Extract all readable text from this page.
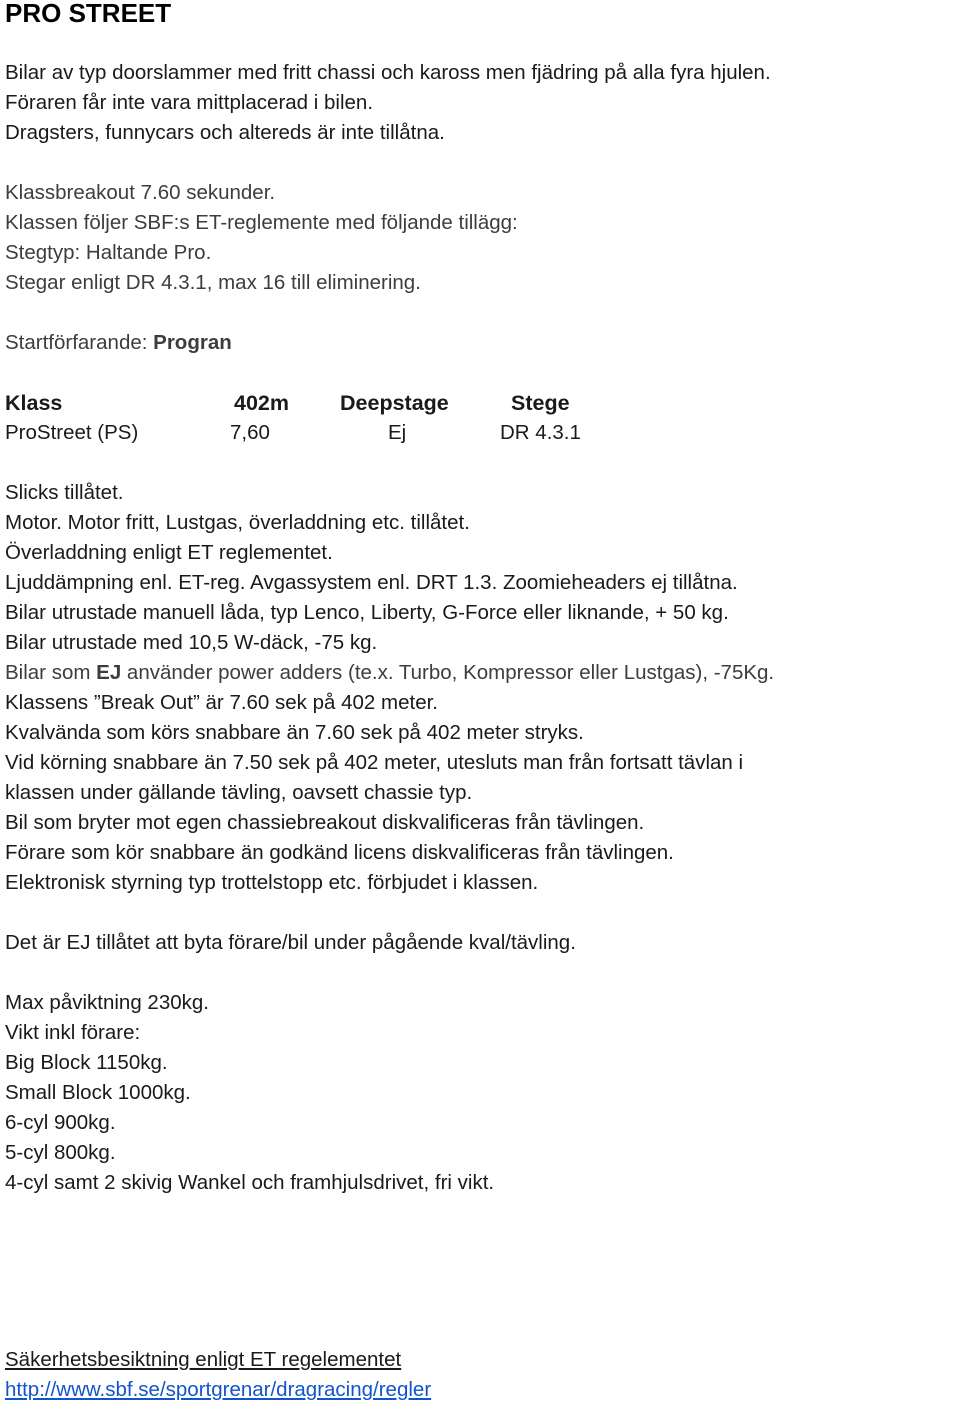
PRO STREET
Bilar av typ doorslammer med fritt chassi och kaross men fjädring på alla fyra hjulen.
Föraren får inte vara mittplacerad i bilen.
Dragsters, funnycars och altereds är inte tillåtna.
Klassbreakout 7.60 sekunder.
Klassen följer SBF:s ET-reglemente med följande tillägg:
Stegtyp: Haltande Pro.
Stegar enligt DR 4.3.1, max 16 till eliminering.
Startförfarande: Progran
Klass	402m Deepstage	Stege
ProStreet (PS)	7,60	Ej	DR 4.3.1
Slicks tillåtet.
Motor. Motor fritt, Lustgas, överladdning etc. tillåtet.
Överladdning enligt ET reglementet.
Ljuddämpning enl. ET-reg. Avgassystem enl. DRT 1.3. Zoomieheaders ej tillåtna.
Bilar utrustade manuell låda, typ Lenco, Liberty, G-Force eller liknande, + 50 kg.
Bilar utrustade med 10,5 W-däck, -75 kg.
Bilar som EJ använder power adders (te.x. Turbo, Kompressor eller Lustgas), -75Kg.
Klassens ”Break Out” är 7.60 sek på 402 meter.
Kvalvända som körs snabbare än 7.60 sek på 402 meter stryks.
Vid körning snabbare än 7.50 sek på 402 meter, utesluts man från fortsatt tävlan i
klassen under gällande tävling, oavsett chassie typ.
Bil som bryter mot egen chassiebreakout diskvalificeras från tävlingen.
Förare som kör snabbare än godkänd licens diskvalificeras från tävlingen.
Elektronisk styrning typ trottelstopp etc. förbjudet i klassen.
Det är EJ tillåtet att byta förare/bil under pågående kval/tävling.
Max påviktning 230kg.
Vikt inkl förare:
Big Block 1150kg.
Small Block 1000kg.
6-cyl 900kg.
5-cyl 800kg.
4-cyl samt 2 skivig Wankel och framhjulsdrivet, fri vikt.
Säkerhetsbesiktning enligt ET regelementet
http://www.sbf.se/sportgrenar/dragracing/regler
